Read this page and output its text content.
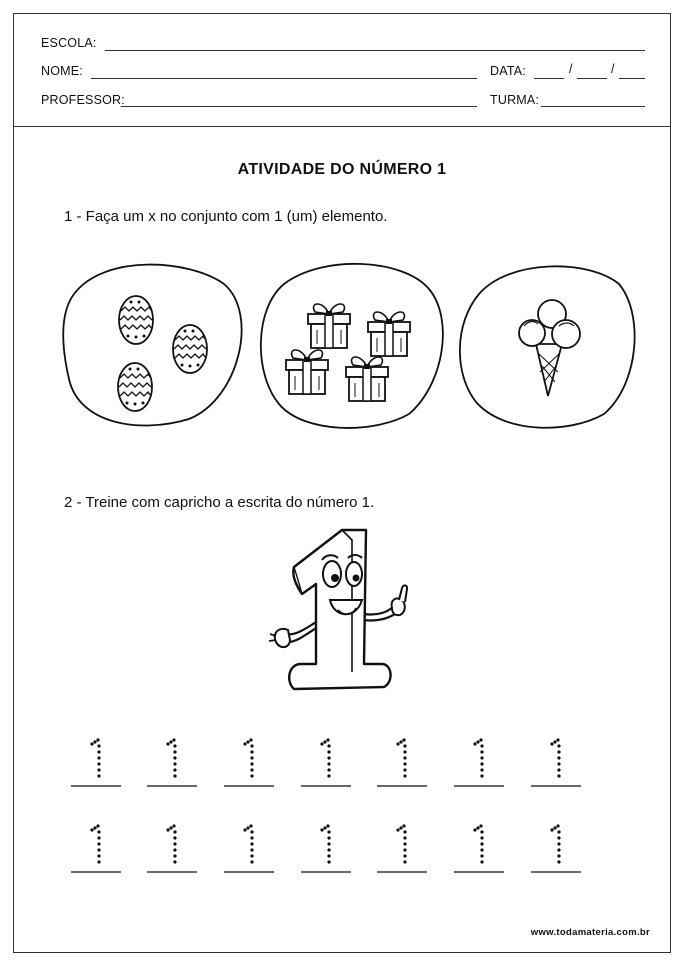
ESCOLA:
NOME:	DATA:	/	/
PROFESSOR:	TURMA:
ATIVIDADE DO NÚMERO 1
1 - Faça um x no conjunto com 1 (um) elemento.
2 - Treine com capricho a escrita do número 1.
www.todamateria.com.br
